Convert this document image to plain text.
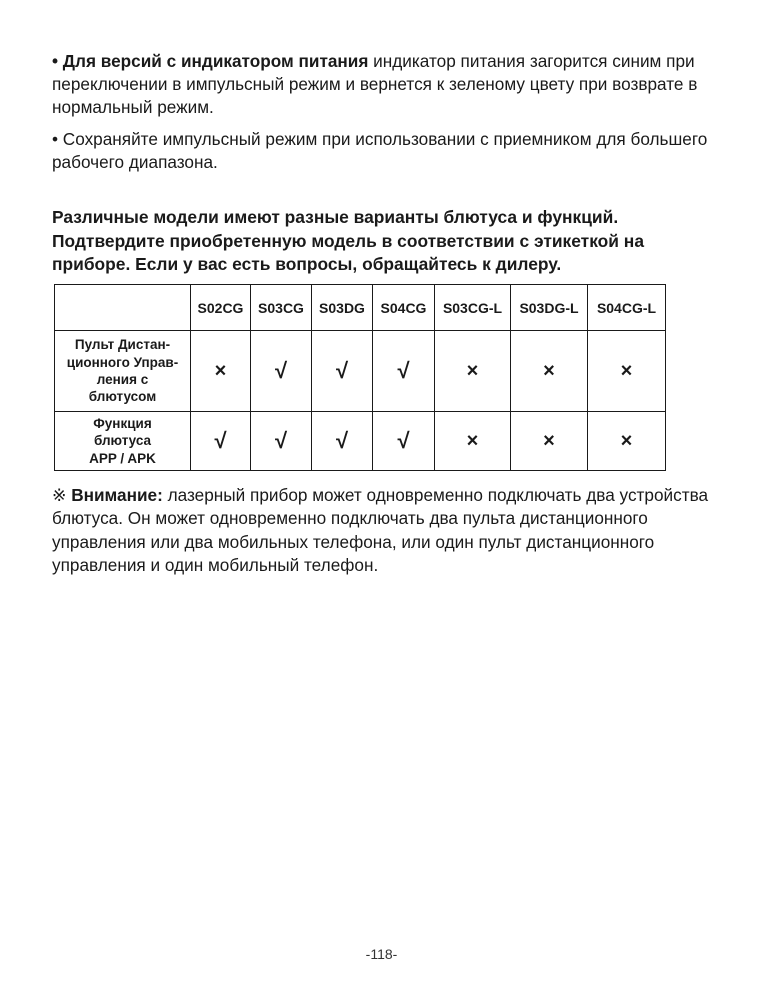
• Для версий с индикатором питания индикатор питания загорится синим при переключении в импульсный режим и вернется к зеленому цвету при возврате в нормальный режим.

• Сохраняйте импульсный режим при использовании с приемником для большего рабочего диапазона.

Различные модели имеют разные варианты блютуса и функций. Подтвердите приобретенную модель в соответствии с этикеткой на приборе. Если у вас есть вопросы, обращайтесь к дилеру.

	S02CG	S03CG	S03DG	S04CG	S03CG-L	S03DG-L	S04CG-L

Пульт Дистан-
ционного Управ-
ления с
блютусом	×	√	√	√	×	×	×

Функция
блютуса
APP / APK	√	√	√	√	×	×	×

※ Внимание: лазерный прибор может одновременно подключать два устройства блютуса. Он может одновременно подключать два пульта дистанционного управления или два мобильных телефона, или один пульт дистанционного управления и один мобильный телефон.

-118-
